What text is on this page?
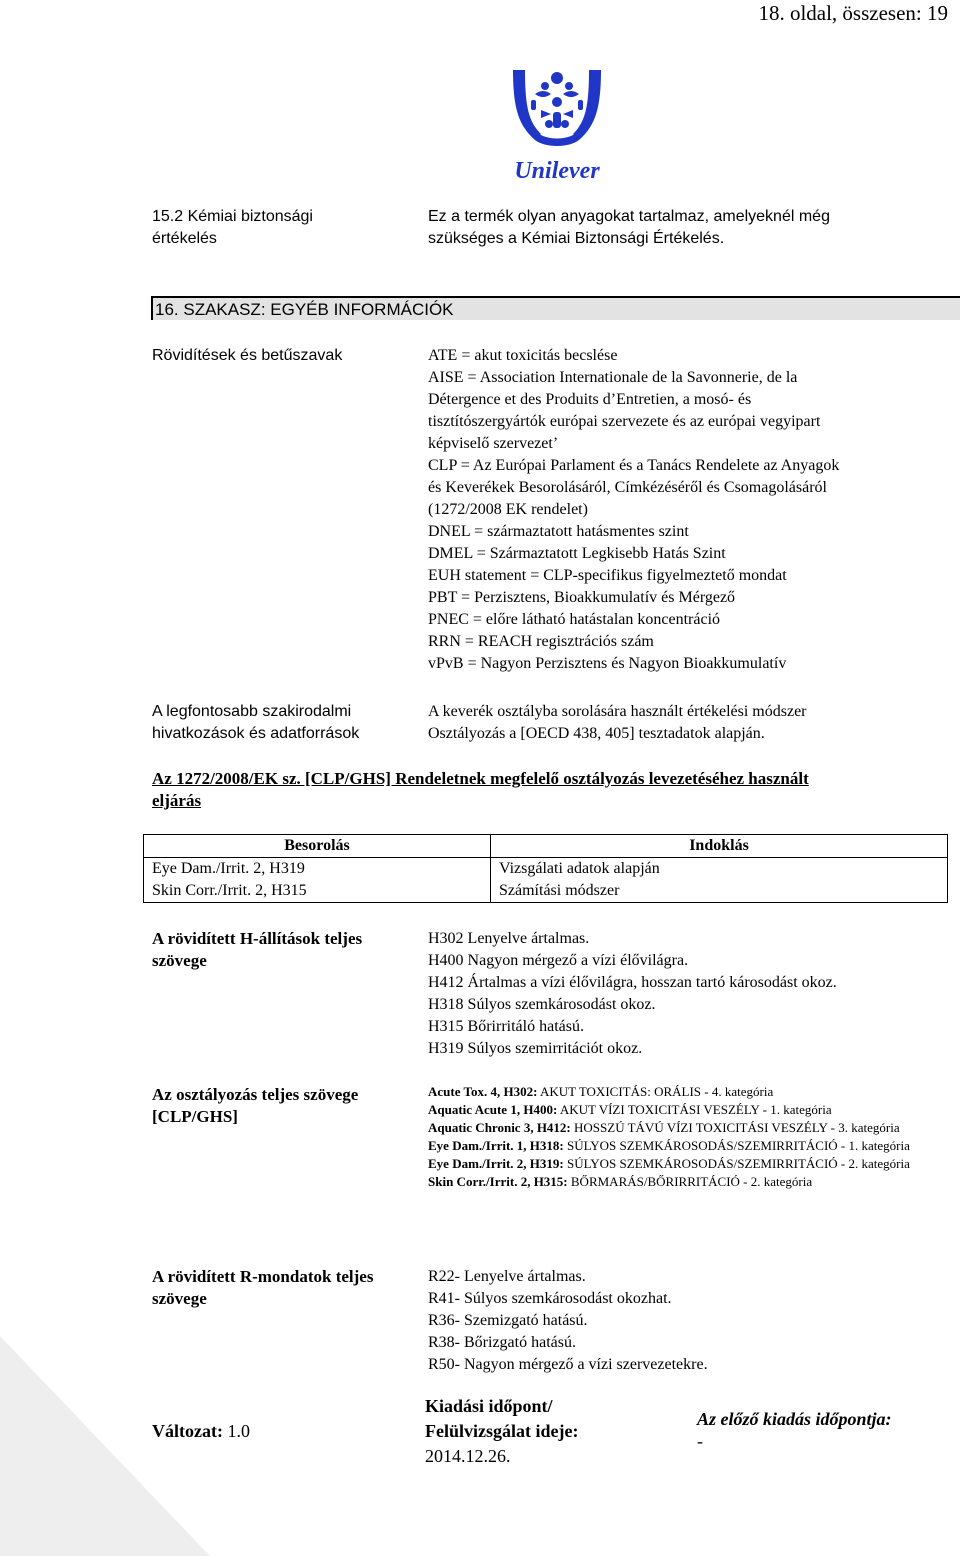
18. oldal, összesen: 19
Unilever
15.2 Kémiai biztonsági
értékelés
Ez a termék olyan anyagokat tartalmaz, amelyeknél még
szükséges a Kémiai Biztonsági Értékelés.
16. SZAKASZ: EGYÉB INFORMÁCIÓK
Rövidítések és betűszavak	ATE = akut toxicitás becslése
AISE = Association Internationale de la Savonnerie, de la
Détergence et des Produits d’Entretien, a mosó- és
tisztítószergyártók európai szervezete és az európai vegyipart
képviselő szervezet’
CLP = Az Európai Parlament és a Tanács Rendelete az Anyagok
és Keverékek Besorolásáról, Címkézéséről és Csomagolásáról
(1272/2008 EK rendelet)
DNEL = származtatott hatásmentes szint
DMEL = Származtatott Legkisebb Hatás Szint
EUH statement = CLP-specifikus figyelmeztető mondat
PBT = Perzisztens, Bioakkumulatív és Mérgező
PNEC = előre látható hatástalan koncentráció
RRN = REACH regisztrációs szám
vPvB = Nagyon Perzisztens és Nagyon Bioakkumulatív
A legfontosabb szakirodalmi
hivatkozások és adatforrások
A keverék osztályba sorolására használt értékelési módszer
Osztályozás a [OECD 438, 405] tesztadatok alapján.
Az 1272/2008/EK sz. [CLP/GHS] Rendeletnek megfelelő osztályozás levezetéséhez használt
eljárás
Besorolás	Indoklás
Eye Dam./Irrit. 2, H319	Vizsgálati adatok alapján
Skin Corr./Irrit. 2, H315	Számítási módszer
A rövidített H-állítások teljes
szövege
H302 Lenyelve ártalmas.
H400 Nagyon mérgező a vízi élővilágra.
H412 Ártalmas a vízi élővilágra, hosszan tartó károsodást okoz.
H318 Súlyos szemkárosodást okoz.
H315 Bőrirritáló hatású.
H319 Súlyos szemirritációt okoz.
Az osztályozás teljes szövege
[CLP/GHS]
Acute Tox. 4, H302: AKUT TOXICITÁS: ORÁLIS - 4. kategória
Aquatic Acute 1, H400: AKUT VÍZI TOXICITÁSI VESZÉLY - 1. kategória
Aquatic Chronic 3, H412: HOSSZÚ TÁVÚ VÍZI TOXICITÁSI VESZÉLY - 3. kategória
Eye Dam./Irrit. 1, H318: SÚLYOS SZEMKÁROSODÁS/SZEMIRRITÁCIÓ - 1. kategória
Eye Dam./Irrit. 2, H319: SÚLYOS SZEMKÁROSODÁS/SZEMIRRITÁCIÓ - 2. kategória
Skin Corr./Irrit. 2, H315: BŐRMARÁS/BŐRIRRITÁCIÓ - 2. kategória
A rövidített R-mondatok teljes
szövege
R22- Lenyelve ártalmas.
R41- Súlyos szemkárosodást okozhat.
R36- Szemizgató hatású.
R38- Bőrizgató hatású.
R50- Nagyon mérgező a vízi szervezetekre.
Változat: 1.0
Kiadási időpont/
Felülvizsgálat ideje:
2014.12.26.
Az előző kiadás időpontja:
-
